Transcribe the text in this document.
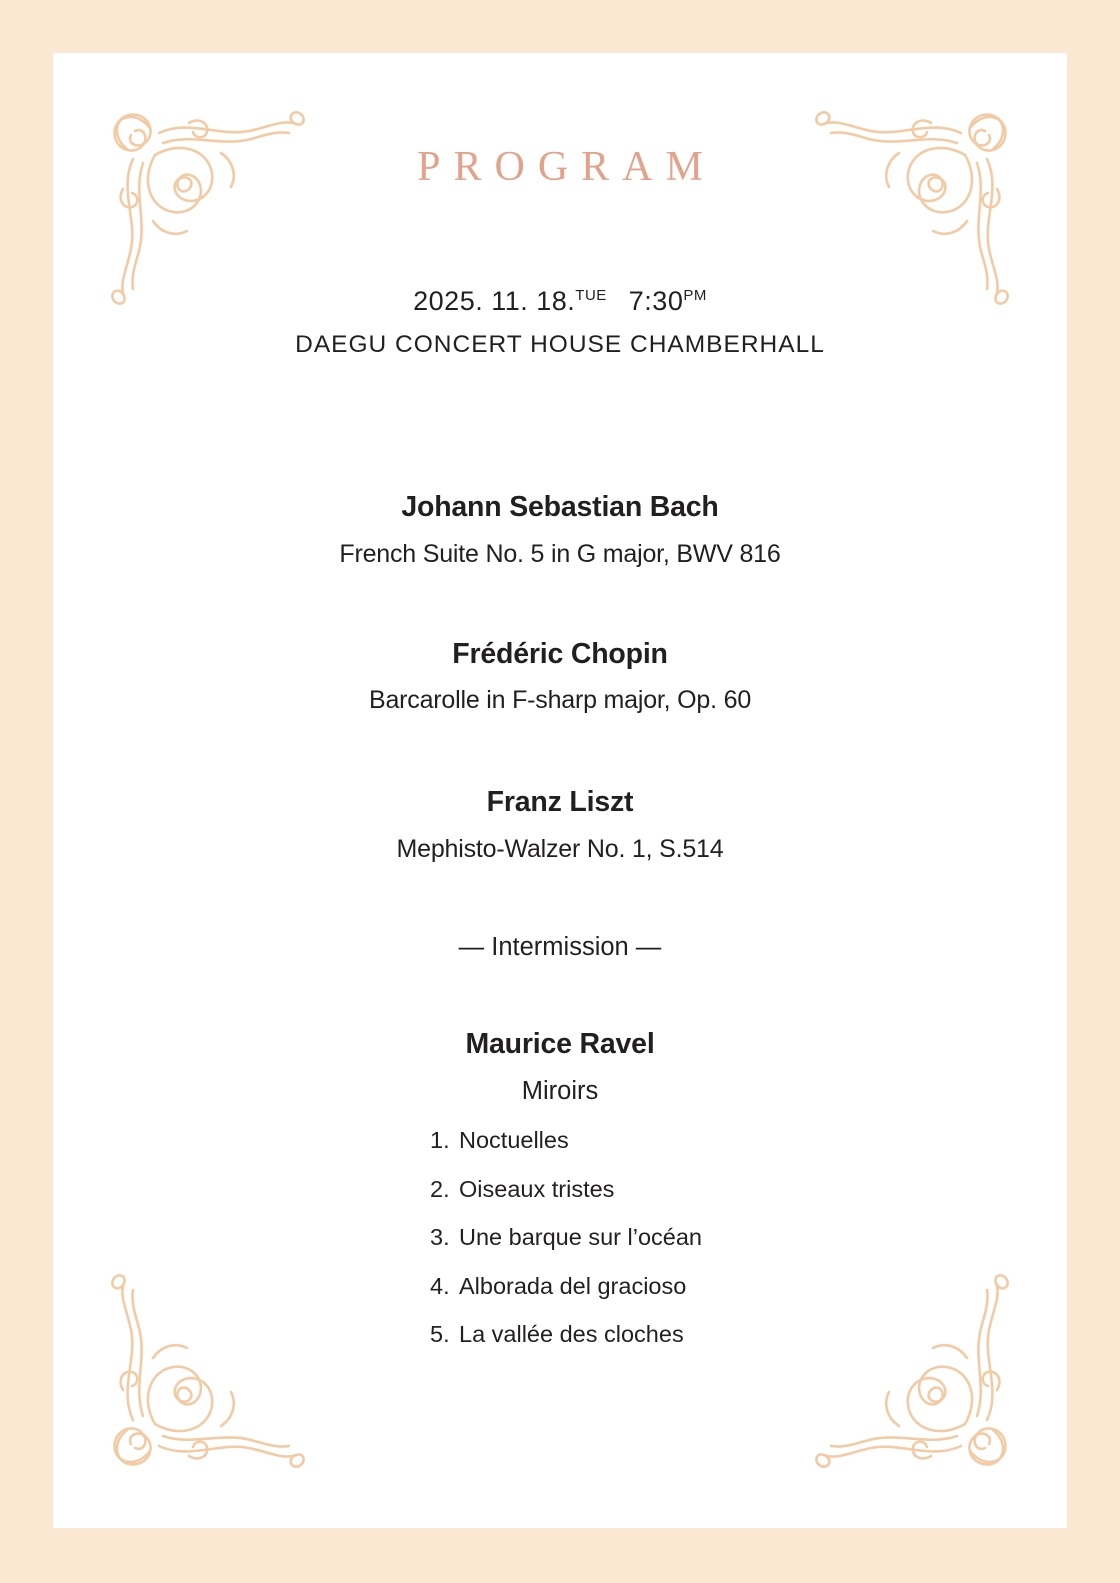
PROGRAM
2025. 11. 18.$^{TUE}$ $7:30^{PM}$
DAEGU CONCERT HOUSE CHAMBERHALL
Johann Sebastian Bach
French Suite No. 5 in G major, BWV 816
Frédéric Chopin
Barcarolle in F-sharp major, Op. 60
Franz Liszt
Mephisto-Walzer No. 1, S.514
— Intermission —
Maurice Ravel
Miroirs
1. Noctuelles
2. Oiseaux tristes
3. Une barque sur l’océan
4. Alborada del gracioso
5. La vallée des cloches
